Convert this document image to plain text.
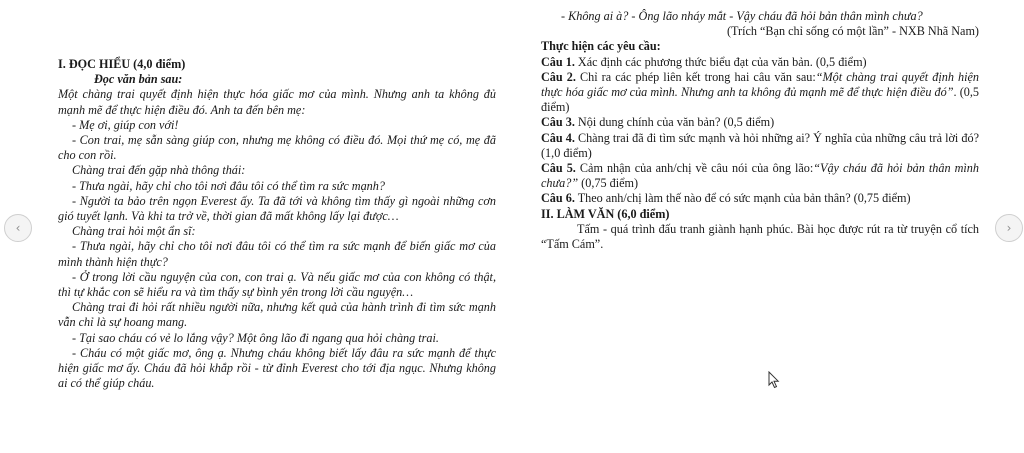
I. ĐỌC HIỂU (4,0 điểm)

Đọc văn bản sau:

Một chàng trai quyết định hiện thực hóa giấc mơ của mình. Nhưng anh ta không đủ mạnh mẽ để thực hiện điều đó. Anh ta đến bên mẹ:

- Mẹ ơi, giúp con với!

- Con trai, mẹ sẵn sàng giúp con, nhưng mẹ không có điều đó. Mọi thứ mẹ có, mẹ đã cho con rồi.

Chàng trai đến gặp nhà thông thái:

- Thưa ngài, hãy chỉ cho tôi nơi đâu tôi có thể tìm ra sức mạnh?

- Người ta bảo trên ngọn Everest ấy. Ta đã tới và không tìm thấy gì ngoài những cơn gió tuyết lạnh. Và khi ta trở về, thời gian đã mất không lấy lại được…

Chàng trai hỏi một ẩn sĩ:

- Thưa ngài, hãy chỉ cho tôi nơi đâu tôi có thể tìm ra sức mạnh để biến giấc mơ của mình thành hiện thực?

- Ở trong lời cầu nguyện của con, con trai ạ. Và nếu giấc mơ của con không có thật, thì tự khắc con sẽ hiểu ra và tìm thấy sự bình yên trong lời cầu nguyện…

Chàng trai đi hỏi rất nhiều người nữa, nhưng kết quả của hành trình đi tìm sức mạnh vẫn chỉ là sự hoang mang.

- Tại sao cháu có vẻ lo lắng vậy? Một ông lão đi ngang qua hỏi chàng trai.

- Cháu có một giấc mơ, ông ạ. Nhưng cháu không biết lấy đâu ra sức mạnh để thực hiện giấc mơ ấy. Cháu đã hỏi khắp rồi - từ đỉnh Everest cho tới địa ngục. Nhưng không ai có thể giúp cháu.

- Không ai à? - Ông lão nháy mắt - Vậy cháu đã hỏi bản thân mình chưa?

(Trích “Bạn chỉ sống có một lần” - NXB Nhã Nam)

Thực hiện các yêu cầu:

Câu 1. Xác định các phương thức biểu đạt của văn bản. (0,5 điểm)

Câu 2. Chỉ ra các phép liên kết trong hai câu văn sau:“Một chàng trai quyết định hiện thực hóa giấc mơ của mình. Nhưng anh ta không đủ mạnh mẽ để thực hiện điều đó”. (0,5 điểm)

Câu 3. Nội dung chính của văn bản? (0,5 điểm)

Câu 4. Chàng trai đã đi tìm sức mạnh và hỏi những ai? Ý nghĩa của những câu trả lời đó? (1,0 điểm)

Câu 5. Cảm nhận của anh/chị về câu nói của ông lão:“Vậy cháu đã hỏi bản thân mình chưa?” (0,75 điểm)

Câu 6. Theo anh/chị làm thế nào để có sức mạnh của bản thân? (0,75 điểm)

II. LÀM VĂN (6,0 điểm)

Tấm - quá trình đấu tranh giành hạnh phúc. Bài học được rút ra từ truyện cổ tích “Tấm Cám”.

‹	›
